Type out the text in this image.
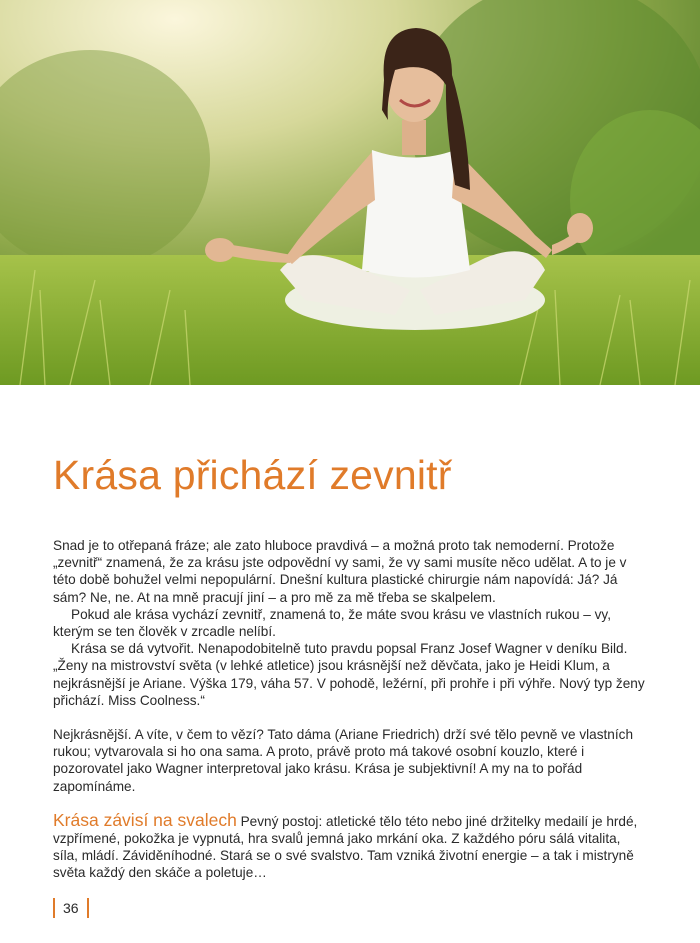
Krása přichází zevnitř

Snad je to otřepaná fráze; ale zato hluboce pravdivá – a možná proto tak nemoderní. Protože „zevnitř“ znamená, že za krásu jste odpovědní vy sami, že vy sami musíte něco udělat. A to je v této době bohužel velmi nepopulární. Dnešní kultura plastické chirurgie nám napovídá: Já? Já sám? Ne, ne. At na mně pracují jiní – a pro mě za mě třeba se skalpelem.

Pokud ale krása vychází zevnitř, znamená to, že máte svou krásu ve vlastních rukou – vy, kterým se ten člověk v zrcadle nelíbí.

Krása se dá vytvořit. Nenapodobitelně tuto pravdu popsal Franz Josef Wagner v deníku Bild.„Ženy na mistrovství světa (v lehké atletice) jsou krásnější než děvčata, jako je Heidi Klum, a nejkrásnější je Ariane. Výška 179, váha 57. V pohodě, ležérní, při prohře i při výhře. Nový typ ženy přichází. Miss Coolness.“

Nejkrásnější. A víte, v čem to vězí? Tato dáma (Ariane Friedrich) drží své tělo pevně ve vlastních rukou; vytvarovala si ho ona sama. A proto, právě proto má takové osobní kouzlo, které i pozorovatel jako Wagner interpretoval jako krásu. Krása je subjektivní! A my na to pořád zapomínáme.

Krása závisí na svalech Pevný postoj: atletické tělo této nebo jiné držitelky medailí je hrdé, vzpřímené, pokožka je vypnutá, hra svalů jemná jako mrkání oka. Z každého póru sálá vitalita, síla, mládí. Záviděníhodné. Stará se o své svalstvo. Tam vzniká životní energie – a tak i mistryně světa každý den skáče a poletuje…

36
